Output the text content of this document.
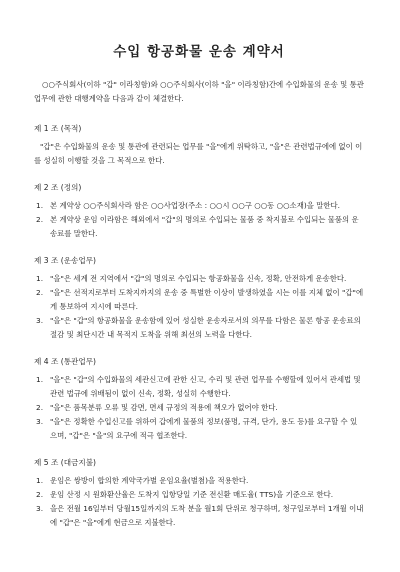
수입 항공화물 운송 계약서

○○주식회사(이하 "갑" 이라칭함)와 ○○주식회사(이하 "을" 이라칭함)간에 수입화물의 운송 및 통관업무에 관한 대행계약을 다음과 같이 체결한다.

제 1 조 (목적)

"갑"은 수입화물의 운송 및 통관에 관련되는 업무를 "을"에게 위탁하고, "을"은 관련법규에에 없이 이를 성실히 이행할 것을 그 목적으로 한다.

제 2 조 (정의)
1. 본 계약상 ○○주식회사라 함은 ○○사업장(주소 : ○○시 ○○구 ○○동 ○○소재)을 말한다.
2. 본 계약상 운임 이라함은 해외에서 "갑"의 명의로 수입되는 물품 중 착지불로 수입되는 물품의 운송료를 말한다.
제 3 조 (운송업무)
1. "을"은 세계 전 지역에서 "갑"의 명의로 수입되는 항공화물을 신속, 정확, 안전하게 운송한다.
2. "을"은 선적지로부터 도착지까지의 운송 중 특별한 이상이 발생하였을 시는 이를 지체 없이 "갑"에게 통보하여 지시에 따른다.
3. "을"은 "갑"의 항공화물을 운송함에 있어 성실한 운송자로서의 의무를 다함은 물론 항공 운송료의 절감 및 최단시간 내 목적지 도착을 위해 최선의 노력을 다한다.
제 4 조 (통관업무)
1. "을"은 "갑"의 수입화물의 세관신고에 관한 신고, 수리 및 관련 업무를 수행할에 있어서 관세법 및 관련 법규에 위배됨이 없이 신속, 정확, 성실히 수행한다.
2. "을"은 품목분류 오류 및 감면, 면세 규정의 적용에 책오가 없어야 한다.
3. "을"은 정확한 수입신고를 위하여 갑에게 물품의 정보(품명, 규격, 단가, 용도 등)를 요구할 수 있으며, "갑"은 "을"의 요구에 적극 협조한다.
제 5 조 (대금지불)
1. 운임은 쌍방이 합의한 계약국가별 운임요율(별첨)을 적용한다.
2. 운임 산정 시 원화환산율은 도착지 입항당일 기준 전신환 매도율( TTS)을 기준으로 한다.
3. 을은 전월 16일부터 당월15일까지의 도착 분을 월1회 단위로 청구하며, 청구일로부터 1개월 이내에 "갑"은 "을"에게 현금으로 지불한다.
